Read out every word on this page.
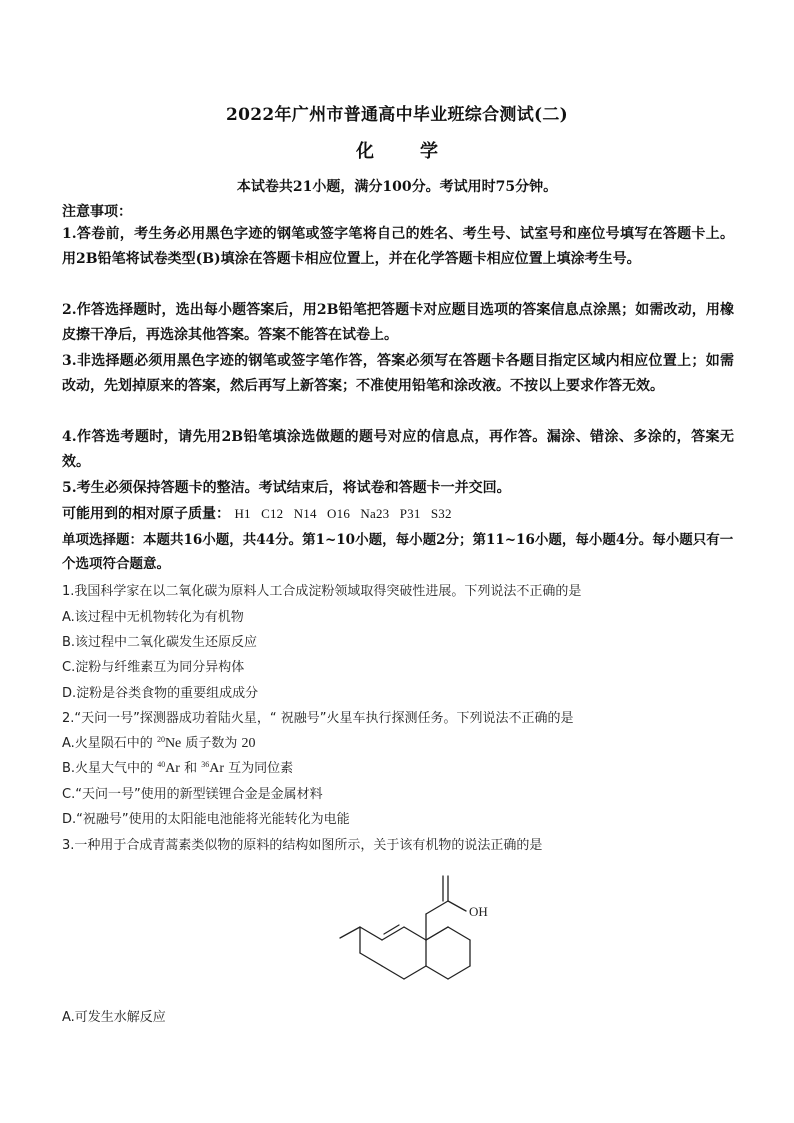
2022年广州市普通高中毕业班综合测试(二)
化	学
本试卷共21小题，满分100分。考试用时75分钟。
注意事项：
1.答卷前，考生务必用黑色字迹的钢笔或签字笔将自己的姓名、考生号、试室号和座位号填写在答题卡上。用2B铅笔将试卷类型(B)填涂在答题卡相应位置上，并在化学答题卡相应位置上填涂考生号。
2.作答选择题时，选出每小题答案后，用2B铅笔把答题卡对应题目选项的答案信息点涂黑；如需改动，用橡皮擦干净后，再选涂其他答案。答案不能答在试卷上。
3.非选择题必须用黑色字迹的钢笔或签字笔作答，答案必须写在答题卡各题目指定区域内相应位置上；如需改动，先划掉原来的答案，然后再写上新答案；不准使用铅笔和涂改液。不按以上要求作答无效。
4.作答选考题时，请先用2B铅笔填涂选做题的题号对应的信息点，再作答。漏涂、错涂、多涂的，答案无效。
5.考生必须保持答题卡的整洁。考试结束后，将试卷和答题卡一并交回。
可能用到的相对原子质量： H1   C12   N14   O16   Na23   P31   S32
单项选择题：本题共16小题，共44分。第1~10小题，每小题2分；第11~16小题，每小题4分。每小题只有一个选项符合题意。
1.我国科学家在以二氧化碳为原料人工合成淀粉领域取得突破性进展。下列说法不正确的是
A.该过程中无机物转化为有机物
B.该过程中二氧化碳发生还原反应
C.淀粉与纤维素互为同分异构体
D.淀粉是谷类食物的重要组成成分
2.“天问一号”探测器成功着陆火星，“ 祝融号”火星车执行探测任务。下列说法不正确的是
A.火星陨石中的 $^{20}$Ne 质子数为 20
B.火星大气中的 $^{40}$Ar 和 $^{36}$Ar 互为同位素
C.“天问一号”使用的新型镁锂合金是金属材料
D.“祝融号”使用的太阳能电池能将光能转化为电能
3.一种用于合成青蒿素类似物的原料的结构如图所示，关于该有机物的说法正确的是
OH
A.可发生水解反应
